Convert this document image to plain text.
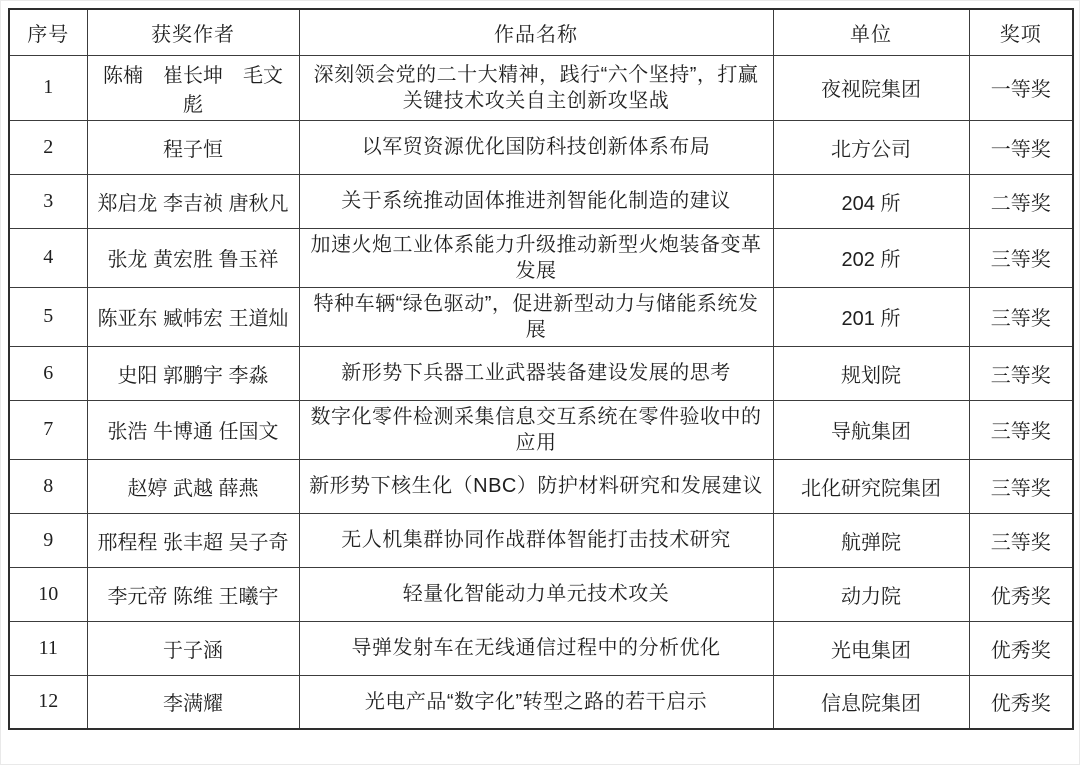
序号	获奖作者	作品名称	单位	奖项
1	陈楠　崔长坤　毛文彪	深刻领会党的二十大精神，践行“六个坚持”，打赢关键技术攻关自主创新攻坚战	夜视院集团	一等奖
2	程子恒	以军贸资源优化国防科技创新体系布局	北方公司	一等奖
3	郑启龙 李吉祯 唐秋凡	关于系统推动固体推进剂智能化制造的建议	204 所	二等奖
4	张龙 黄宏胜 鲁玉祥	加速火炮工业体系能力升级推动新型火炮装备变革发展	202 所	三等奖
5	陈亚东 臧帏宏 王道灿	特种车辆“绿色驱动”，促进新型动力与储能系统发展	201 所	三等奖
6	史阳 郭鹏宇 李淼	新形势下兵器工业武器装备建设发展的思考	规划院	三等奖
7	张浩 牛博通 任国文	数字化零件检测采集信息交互系统在零件验收中的应用	导航集团	三等奖
8	赵婷 武越 薛燕	新形势下核生化（NBC）防护材料研究和发展建议	北化研究院集团	三等奖
9	邢程程 张丰超 吴子奇	无人机集群协同作战群体智能打击技术研究	航弹院	三等奖
10	李元帝 陈维 王曦宇	轻量化智能动力单元技术攻关	动力院	优秀奖
11	于子涵	导弹发射车在无线通信过程中的分析优化	光电集团	优秀奖
12	李满耀	光电产品“数字化”转型之路的若干启示	信息院集团	优秀奖
